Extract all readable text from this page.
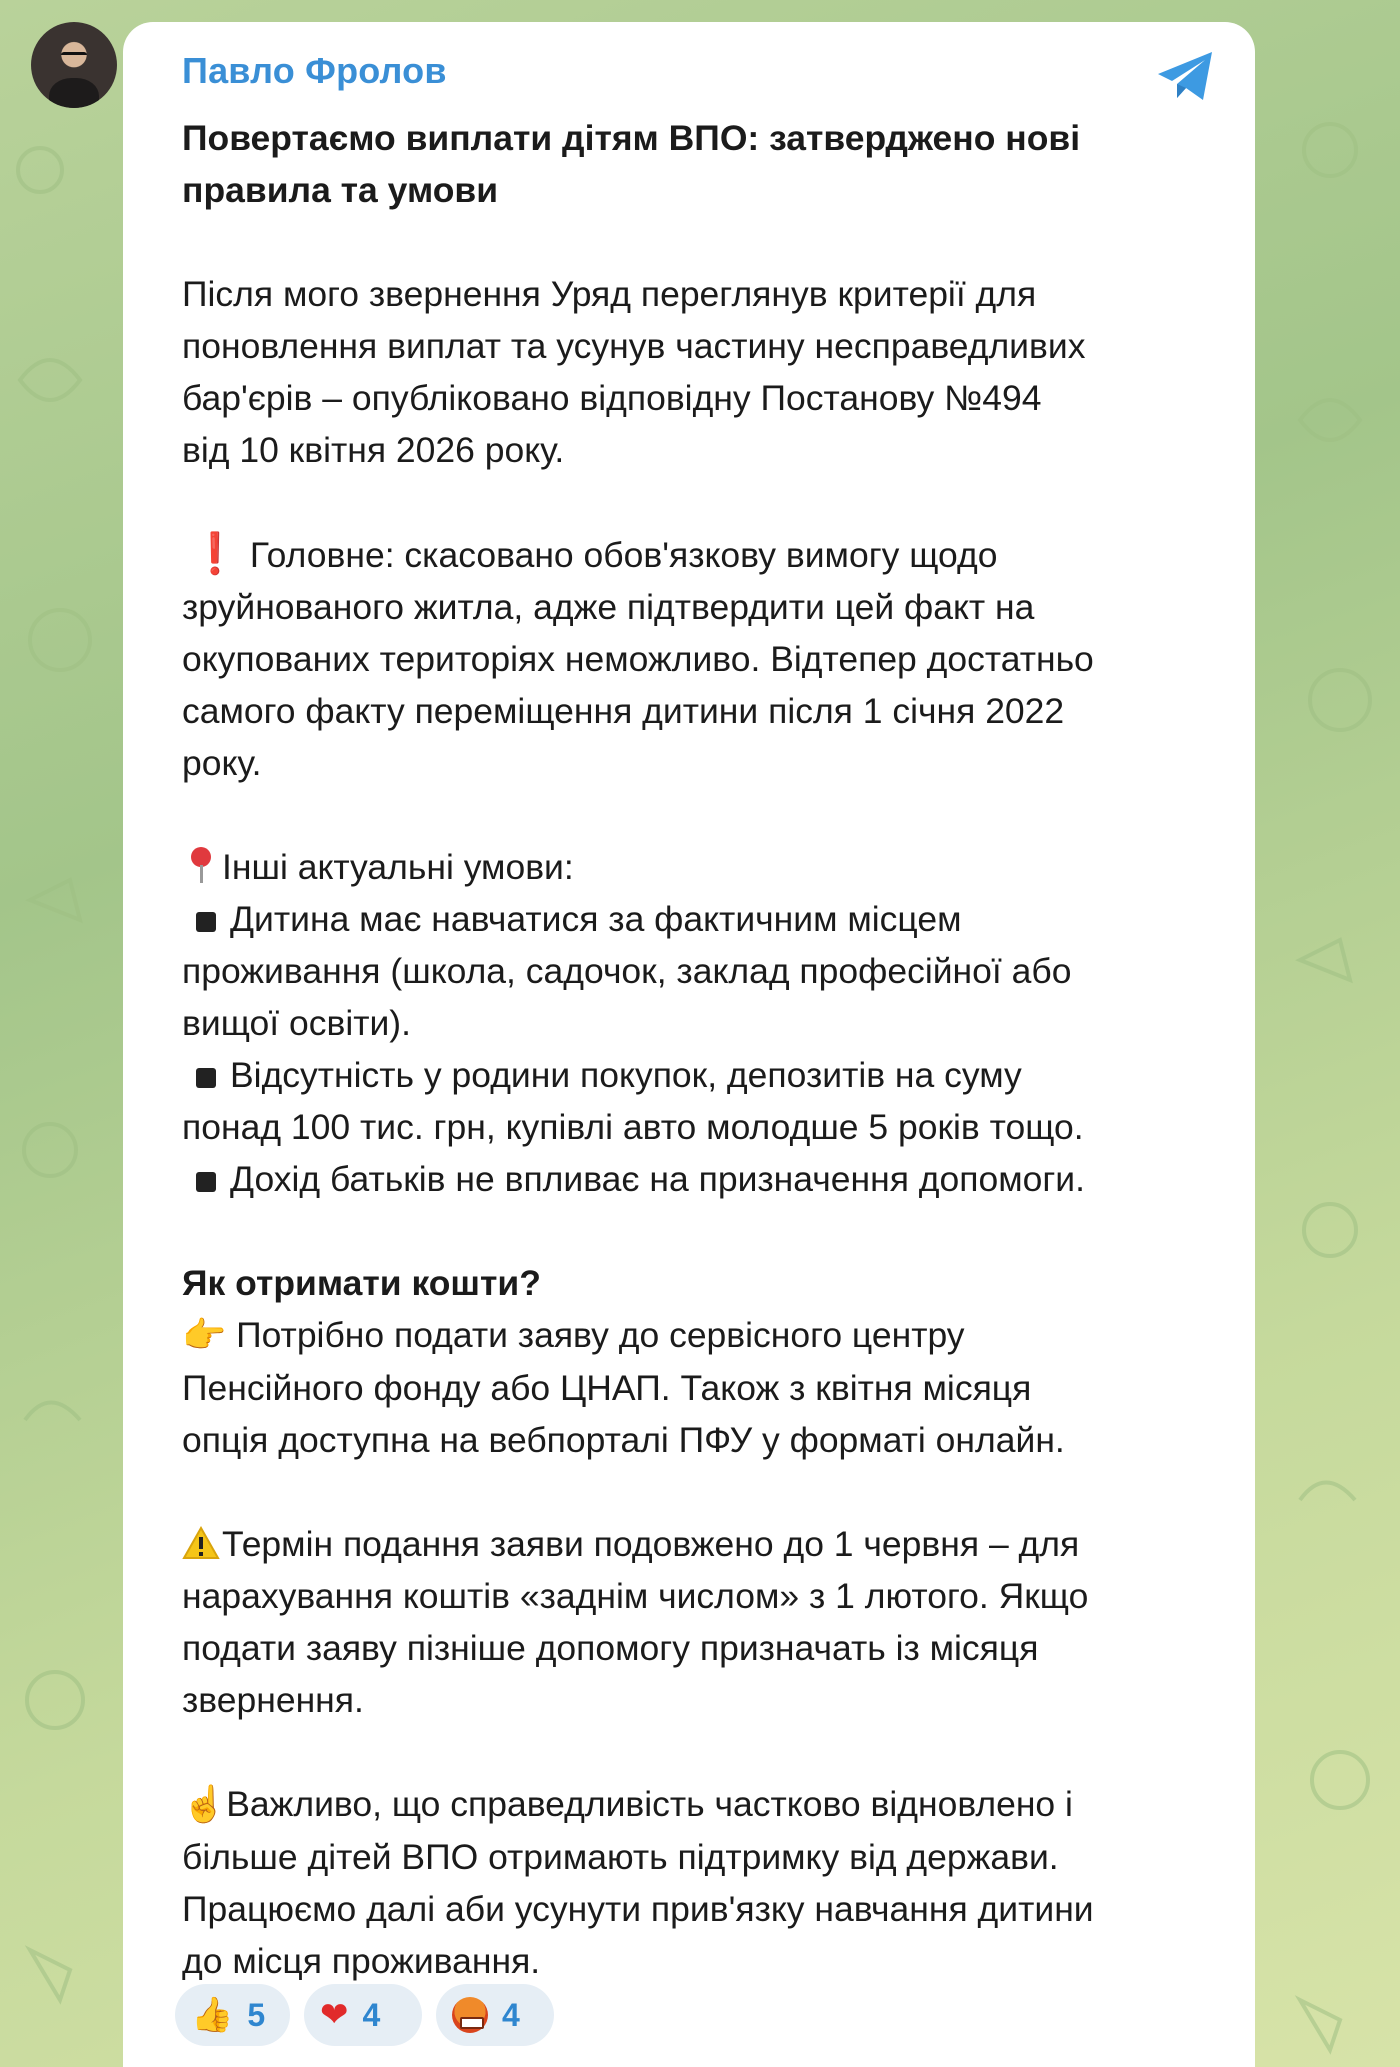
Павло Фролов
Повертаємо виплати дітям ВПО: затверджено нові
правила та умови
Після мого звернення Уряд переглянув критерії для
поновлення виплат та усунув частину несправедливих
бар'єрів – опубліковано відповідну Постанову №494
від 10 квітня 2026 року.
❗ Головне: скасовано обов'язкову вимогу щодо
зруйнованого житла, адже підтвердити цей факт на
окупованих територіях неможливо. Відтепер достатньо
самого факту переміщення дитини після 1 січня 2022
року.
Інші актуальні умови:
Дитина має навчатися за фактичним місцем
проживання (школа, садочок, заклад професійної або
вищої освіти).
Відсутність у родини покупок, депозитів на суму
понад 100 тис. грн, купівлі авто молодше 5 років тощо.
Дохід батьків не впливає на призначення допомоги.
Як отримати кошти?
👉 Потрібно подати заяву до сервісного центру
Пенсійного фонду або ЦНАП. Також з квітня місяця
опція доступна на вебпорталі ПФУ у форматі онлайн.
Термін подання заяви подовжено до 1 червня – для
нарахування коштів «заднім числом» з 1 лютого. Якщо
подати заяву пізніше допомогу призначать із місяця
звернення.
☝️Важливо, що справедливість частково відновлено і
більше дітей ВПО отримають підтримку від держави.
Працюємо далі аби усунути прив'язку навчання дитини
до місця проживання.
👍 5 ❤ 4	4
